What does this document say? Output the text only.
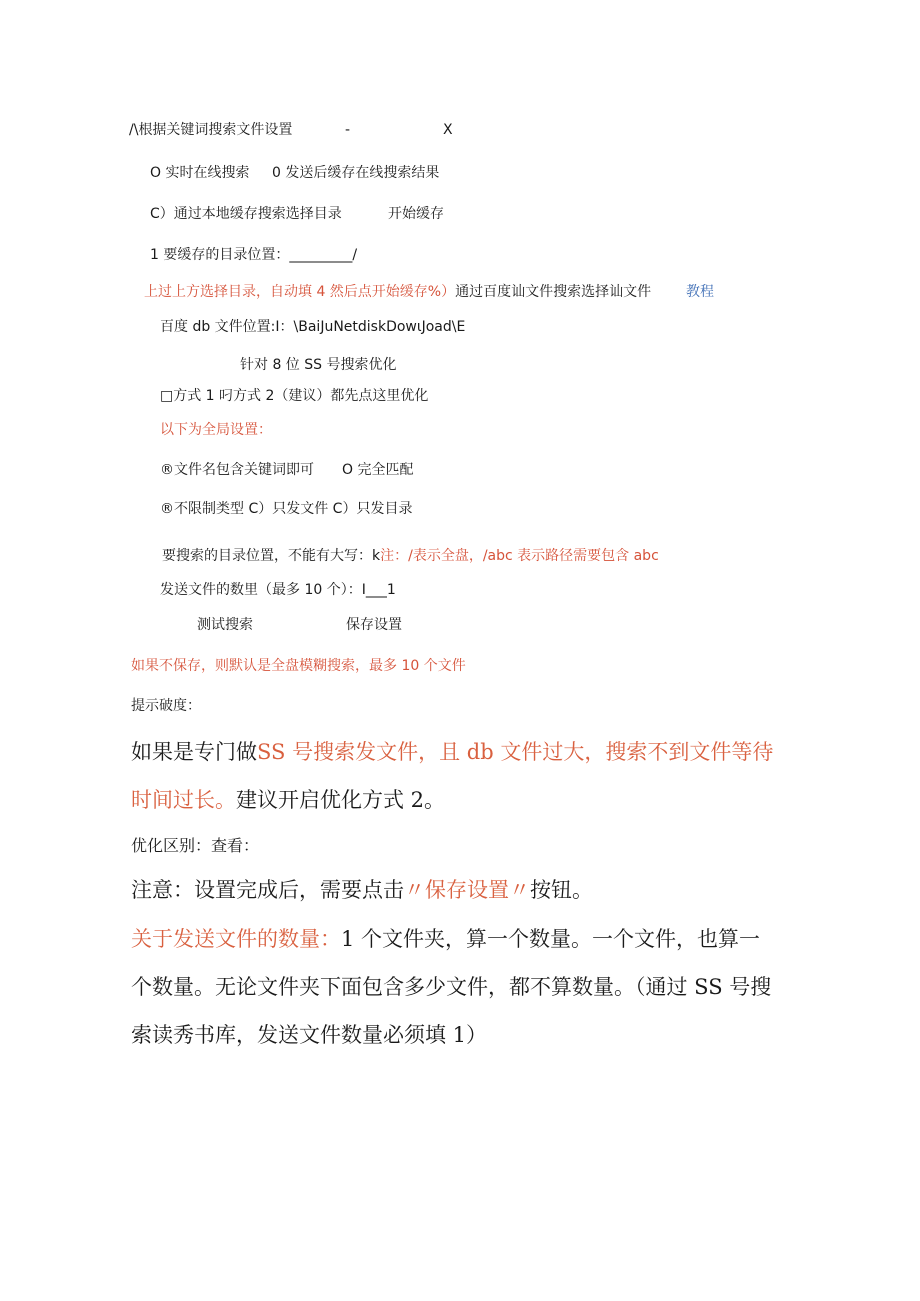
/\根据关键词搜索文件设置	-	X
O 实时在线搜索 0 发送后缓存在线搜索结果
C）通过本地缓存搜索选择目录	开始缓存
1 要缓存的目录位置：_________/
上过上方选择目录，自动填 4 然后点开始缓存%）通过百度讪文件搜索选择讪文件 教程
百度 db 文件位置:I：\BaiJuNetdiskDowιJoad\E
针对 8 位 SS 号搜索优化
□方式 1 叼方式 2（建议）都先点这里优化
以下为全局设置：
®文件名包含关键词即可　　O 完全匹配
®不限制类型 C）只发文件 C）只发目录
要搜索的目录位置，不能有大写：k注：/表示全盘，/abc 表示路径需要包含 abc
发送文件的数里（最多 10 个）：I___1
测试搜索	保存设置
如果不保存，则默认是全盘模糊搜索，最多 10 个文件
提示破度：
如果是专门做SS 号搜索发文件，且 db 文件过大，搜索不到文件等待时间过长。建议开启优化方式 2。
优化区别：查看：
注意：设置完成后，需要点击〃保存设置〃按钮。
关于发送文件的数量：1 个文件夹，算一个数量。一个文件，也算一个数量。无论文件夹下面包含多少文件，都不算数量。（通过 SS 号搜索读秀书库，发送文件数量必须填 1）
